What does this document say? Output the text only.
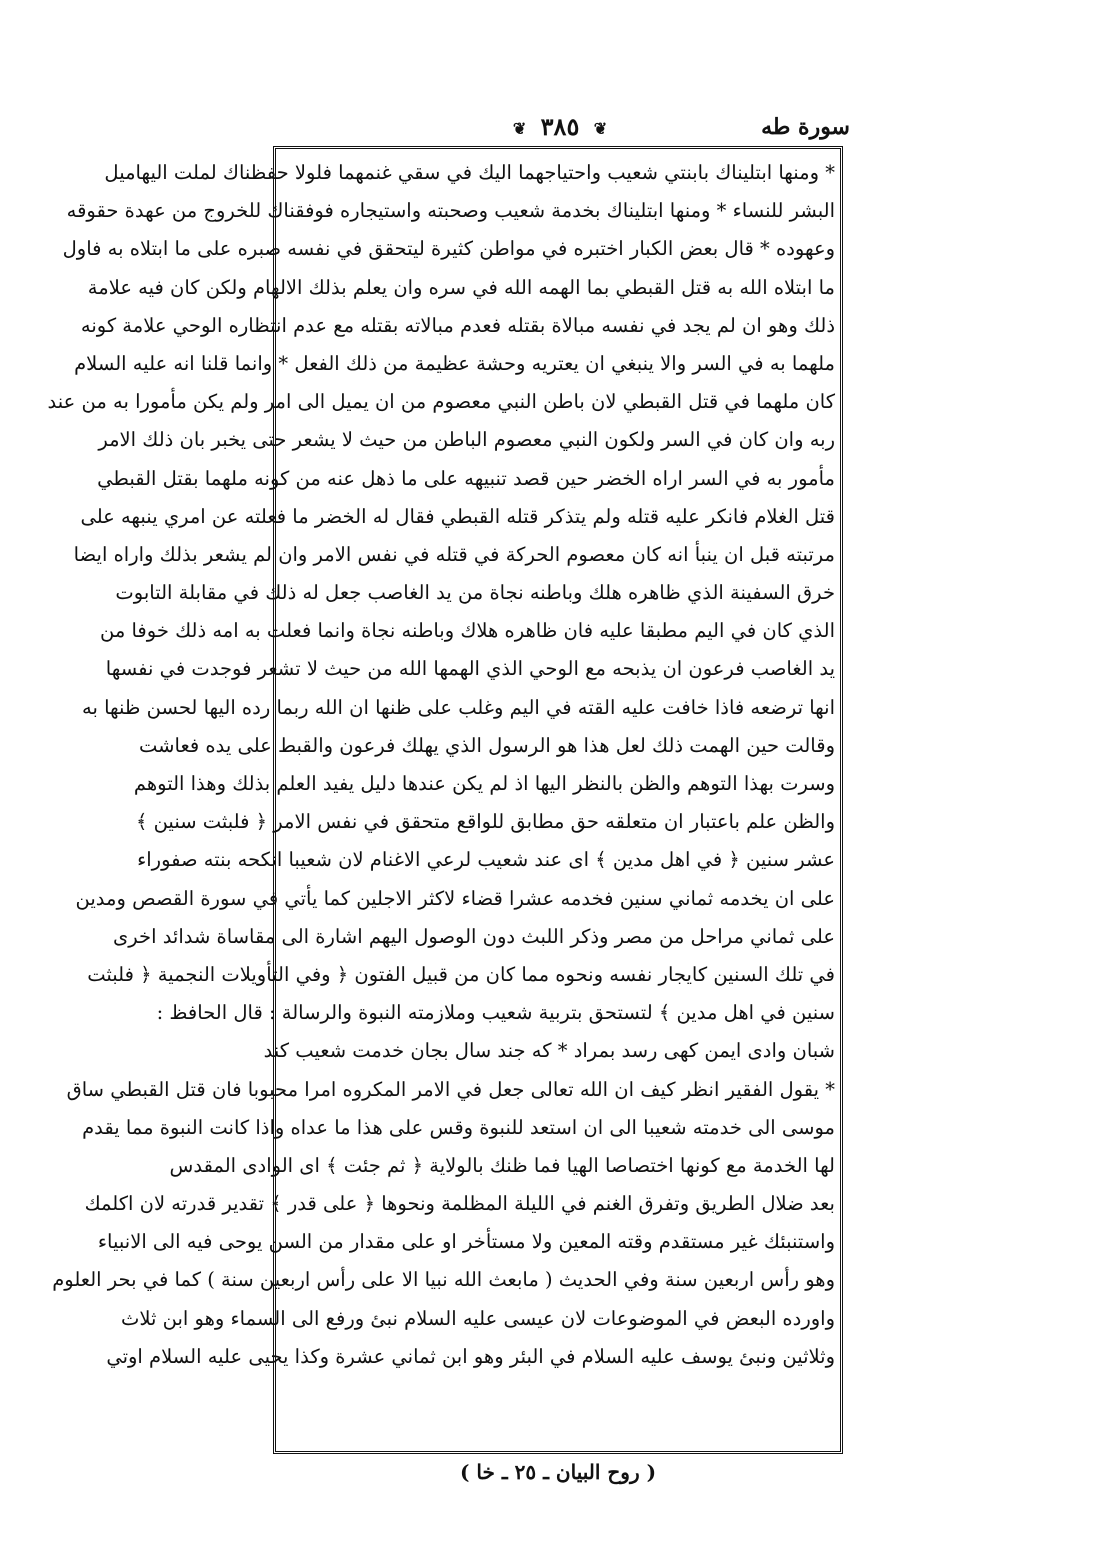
سورة طه
❦ ٣٨٥ ❦
* ومنها ابتليناك بابنتي شعيب واحتياجهما اليك في سقي غنمهما فلولا حفظناك لملت اليهاميل
البشر للنساء * ومنها ابتليناك بخدمة شعيب وصحبته واستيجاره فوفقناك للخروج من عهدة حقوقه
وعهوده * قال بعض الكبار اختبره في مواطن كثيرة ليتحقق في نفسه صبره على ما ابتلاه به فاول
ما ابتلاه الله به قتل القبطي بما الهمه الله في سره وان يعلم بذلك الالهام ولكن كان فيه علامة
ذلك وهو ان لم يجد في نفسه مبالاة بقتله فعدم مبالاته بقتله مع عدم انتظاره الوحي علامة كونه
ملهما به في السر والا ينبغي ان يعتريه وحشة عظيمة من ذلك الفعل * وانما قلنا انه عليه السلام
كان ملهما في قتل القبطي لان باطن النبي معصوم من ان يميل الى امر ولم يكن مأمورا به من عند
ربه وان كان في السر ولكون النبي معصوم الباطن من حيث لا يشعر حتى يخبر بان ذلك الامر
مأمور به في السر اراه الخضر حين قصد تنبيهه على ما ذهل عنه من كونه ملهما بقتل القبطي
قتل الغلام فانكر عليه قتله ولم يتذكر قتله القبطي فقال له الخضر ما فعلته عن امري ينبهه على
مرتبته قبل ان ينبأ انه كان معصوم الحركة في قتله في نفس الامر وان لم يشعر بذلك واراه ايضا
خرق السفينة الذي ظاهره هلك وباطنه نجاة من يد الغاصب جعل له ذلك في مقابلة التابوت
الذي كان في اليم مطبقا عليه فان ظاهره هلاك وباطنه نجاة وانما فعلت به امه ذلك خوفا من
يد الغاصب فرعون ان يذبحه مع الوحي الذي الهمها الله من حيث لا تشعر فوجدت في نفسها
انها ترضعه فاذا خافت عليه القته في اليم وغلب على ظنها ان الله ربما رده اليها لحسن ظنها به
وقالت حين الهمت ذلك لعل هذا هو الرسول الذي يهلك فرعون والقبط على يده فعاشت
وسرت بهذا التوهم والظن بالنظر اليها اذ لم يكن عندها دليل يفيد العلم بذلك وهذا التوهم
والظن علم باعتبار ان متعلقه حق مطابق للواقع متحقق في نفس الامر ﴿ فلبثت سنين ﴾
عشر سنين ﴿ في اهل مدين ﴾ اى عند شعيب لرعي الاغنام لان شعيبا انكحه بنته صفوراء
على ان يخدمه ثماني سنين فخدمه عشرا قضاء لاكثر الاجلين كما يأتي في سورة القصص ومدين
على ثماني مراحل من مصر وذكر اللبث دون الوصول اليهم اشارة الى مقاساة شدائد اخرى
في تلك السنين كايجار نفسه ونحوه مما كان من قبيل الفتون ﴿ وفي التأويلات النجمية ﴿ فلبثت
سنين في اهل مدين ﴾ لتستحق بتربية شعيب وملازمته النبوة والرسالة : قال الحافظ :
شبان وادى ايمن كهى رسد بمراد * كه جند سال بجان خدمت شعيب كند
* يقول الفقير انظر كيف ان الله تعالى جعل في الامر المكروه امرا محبوبا فان قتل القبطي ساق
موسى الى خدمته شعيبا الى ان استعد للنبوة وقس على هذا ما عداه واذا كانت النبوة مما يقدم
لها الخدمة مع كونها اختصاصا الهيا فما ظنك بالولاية ﴿ ثم جئت ﴾ اى الوادى المقدس
بعد ضلال الطريق وتفرق الغنم في الليلة المظلمة ونحوها ﴿ على قدر ﴾ تقدير قدرته لان اكلمك
واستنبئك غير مستقدم وقته المعين ولا مستأخر او على مقدار من السن يوحى فيه الى الانبياء
وهو رأس اربعين سنة وفي الحديث ( مابعث الله نبيا الا على رأس اربعين سنة ) كما في بحر العلوم
واورده البعض في الموضوعات لان عيسى عليه السلام نبئ ورفع الى السماء وهو ابن ثلاث
وثلاثين ونبئ يوسف عليه السلام في البئر وهو ابن ثماني عشرة وكذا يحيى عليه السلام اوتي
( روح البيان ـ ٢٥ ـ خا )
